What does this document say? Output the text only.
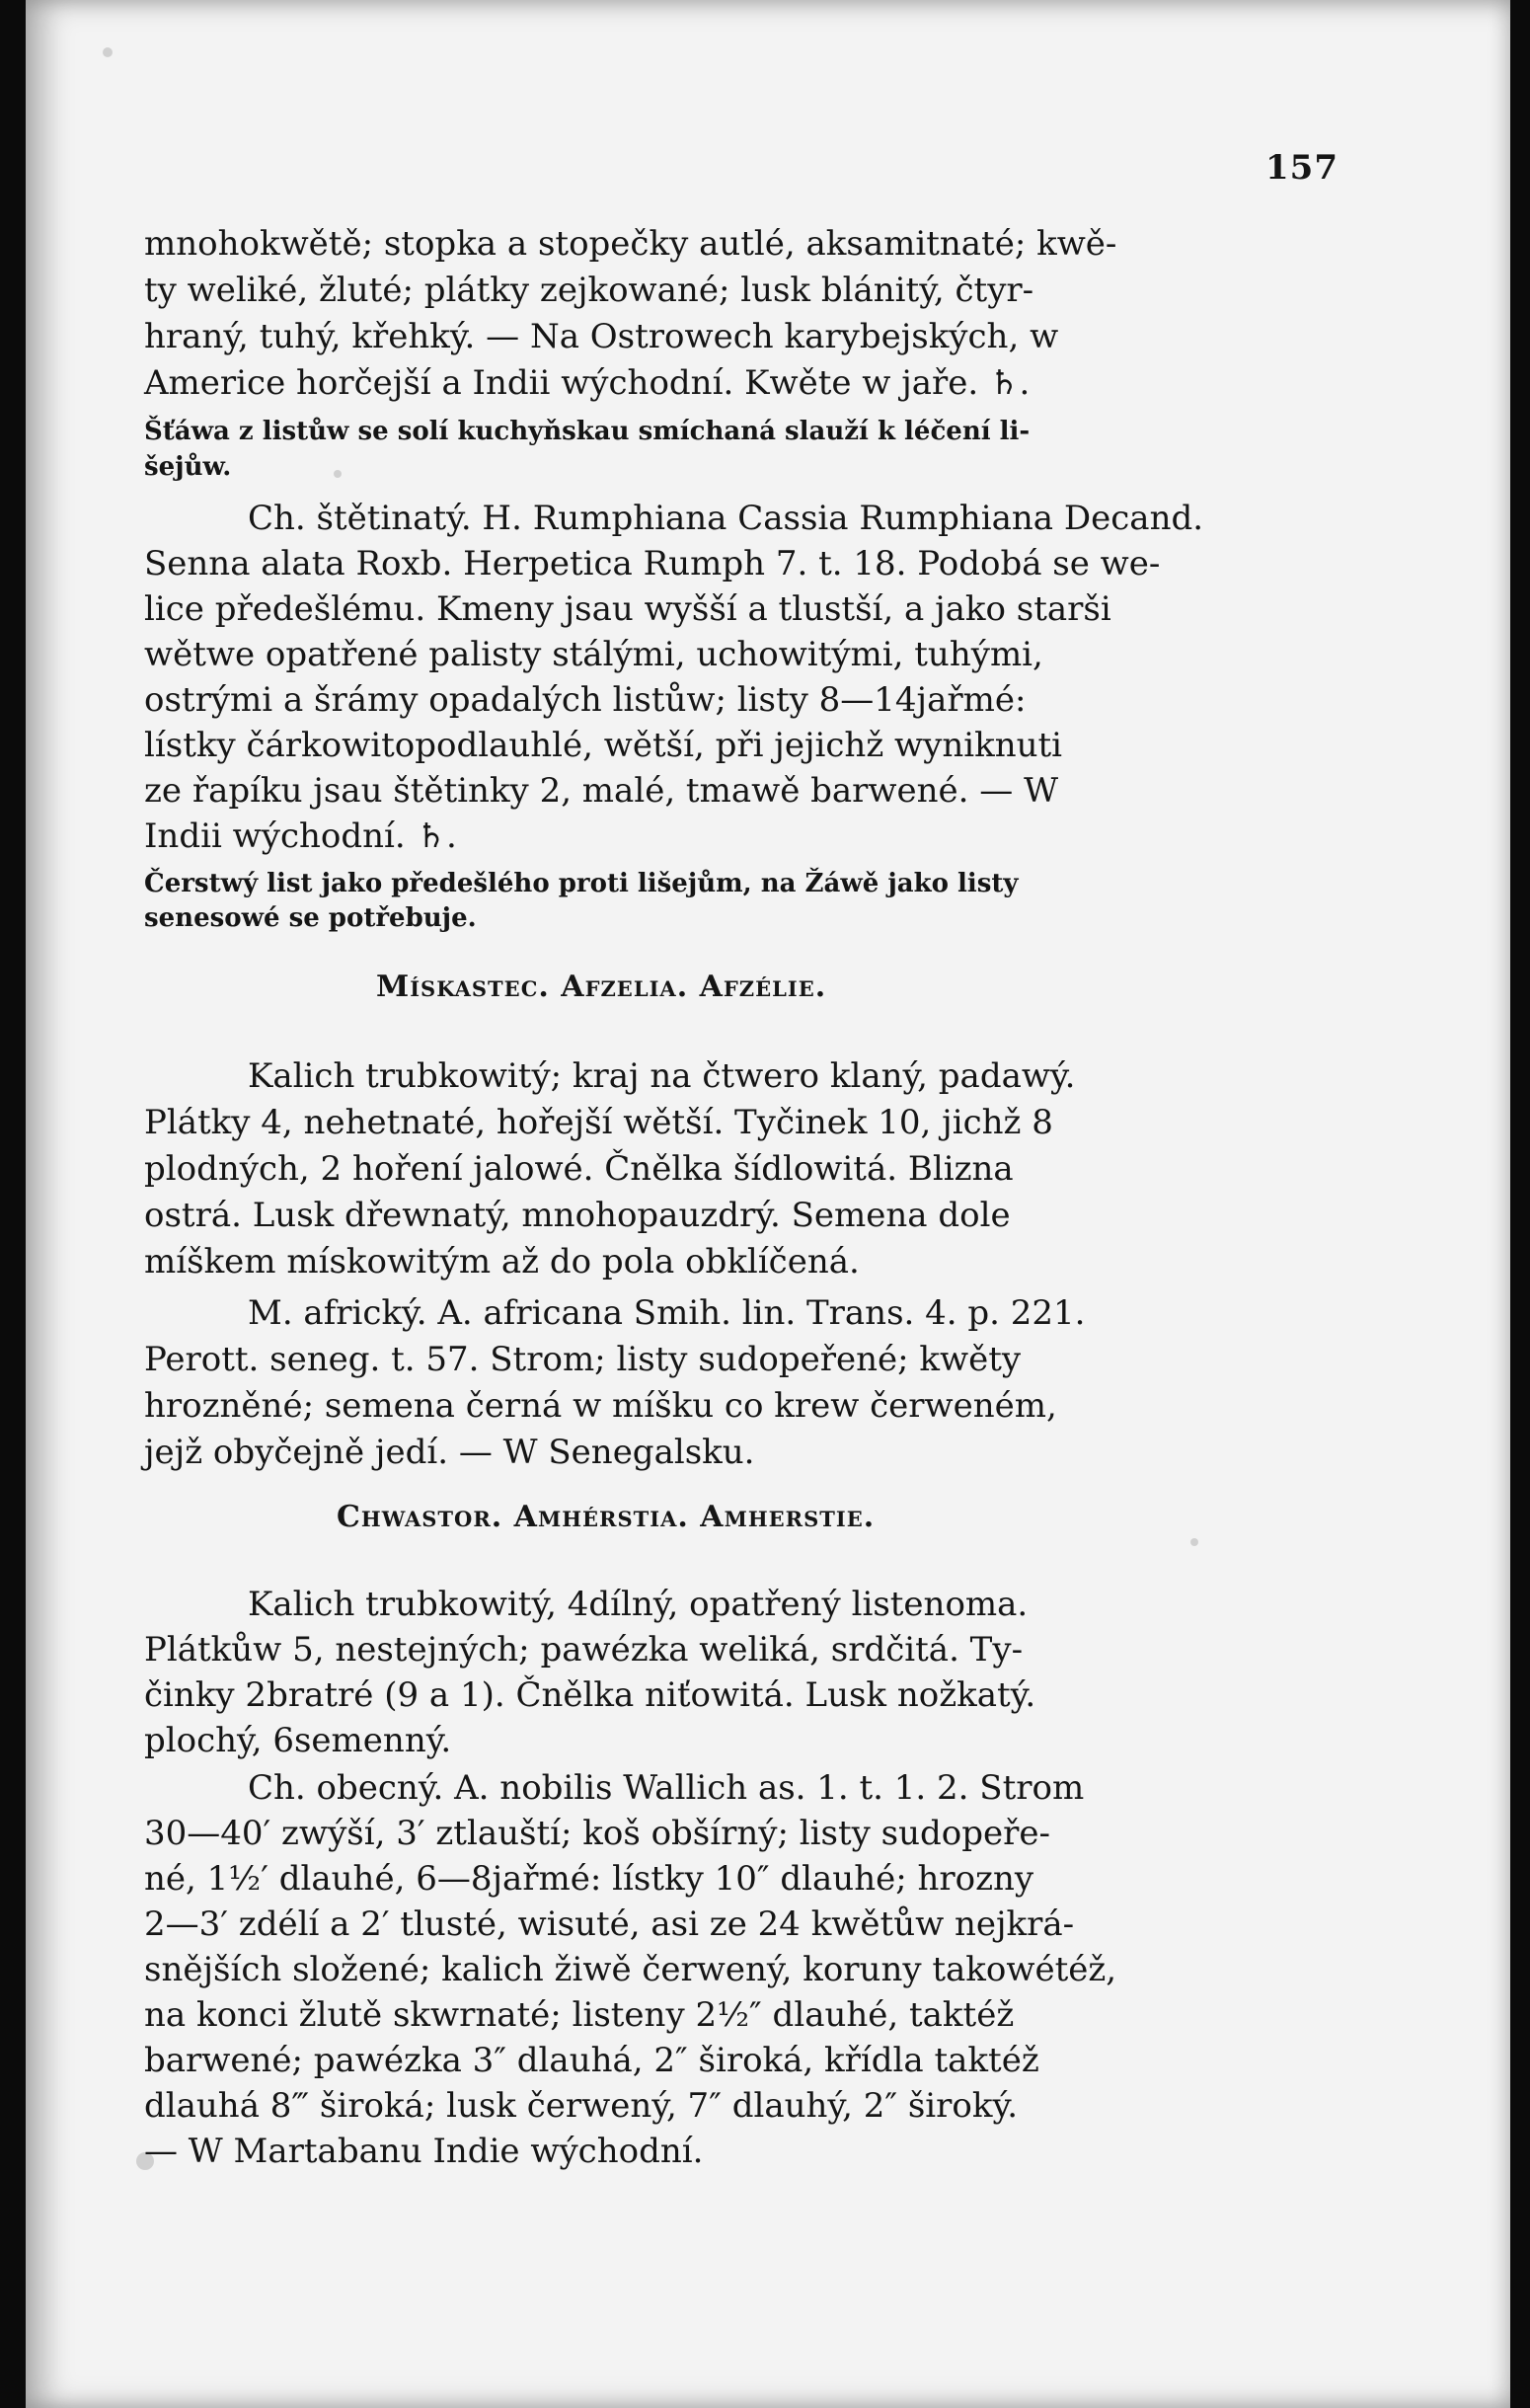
157
mnohokwětě; stopka a stopečky autlé, aksamitnaté; kwě-
ty weliké, žluté; plátky zejkowané; lusk blánitý, čtyr-
hraný, tuhý, křehký. — Na Ostrowech karybejských, w
Americe horčejší a Indii wýchodní. Kwěte w jaře. ♄.
Šťáwa z listůw se solí kuchyňskau smíchaná slauží k léčení li-
šejůw.
Ch. štětinatý. H. Rumphiana Cassia Rumphiana Decand.
Senna alata Roxb. Herpetica Rumph 7. t. 18. Podobá se we-
lice předešlému. Kmeny jsau wyšší a tlustší, a jako starši
wětwe opatřené palisty stálými, uchowitými, tuhými,
ostrými a šrámy opadalých listůw; listy 8—14jařmé:
lístky čárkowitopodlauhlé, wětší, při jejichž wyniknuti
ze řapíku jsau štětinky 2, malé, tmawě barwené. — W
Indii wýchodní. ♄.
Čerstwý list jako předešlého proti lišejům, na Žáwě jako listy
senesowé se potřebuje.
Mískastec. Afzelia. Afzélie.
Kalich trubkowitý; kraj na čtwero klaný, padawý.
Plátky 4, nehetnaté, hořejší wětší. Tyčinek 10, jichž 8
plodných, 2 hoření jalowé. Čnělka šídlowitá. Blizna
ostrá. Lusk dřewnatý, mnohopauzdrý. Semena dole
míškem mískowitým až do pola obklíčená.
M. africký. A. africana Smih. lin. Trans. 4. p. 221.
Perott. seneg. t. 57. Strom; listy sudopeřené; kwěty
hrozněné; semena černá w míšku co krew čerweném,
jejž obyčejně jedí. — W Senegalsku.
Chwastor. Amhérstia. Amherstie.
Kalich trubkowitý, 4dílný, opatřený listenoma.
Plátkůw 5, nestejných; pawézka weliká, srdčitá. Ty-
činky 2bratré (9 a 1). Čnělka niťowitá. Lusk nožkatý.
plochý, 6semenný.
Ch. obecný. A. nobilis Wallich as. 1. t. 1. 2. Strom
30—40′ zwýší, 3′ ztlauští; koš obšírný; listy sudopeře-
né, 1½′ dlauhé, 6—8jařmé: lístky 10″ dlauhé; hrozny
2—3′ zdélí a 2′ tlusté, wisuté, asi ze 24 kwětůw nejkrá-
snějších složené; kalich žiwě čerwený, koruny takowétéž,
na konci žlutě skwrnaté; listeny 2½″ dlauhé, taktéž
barwené; pawézka 3″ dlauhá, 2″ široká, křídla taktéž
dlauhá 8‴ široká; lusk čerwený, 7″ dlauhý, 2″ široký.
— W Martabanu Indie wýchodní.
